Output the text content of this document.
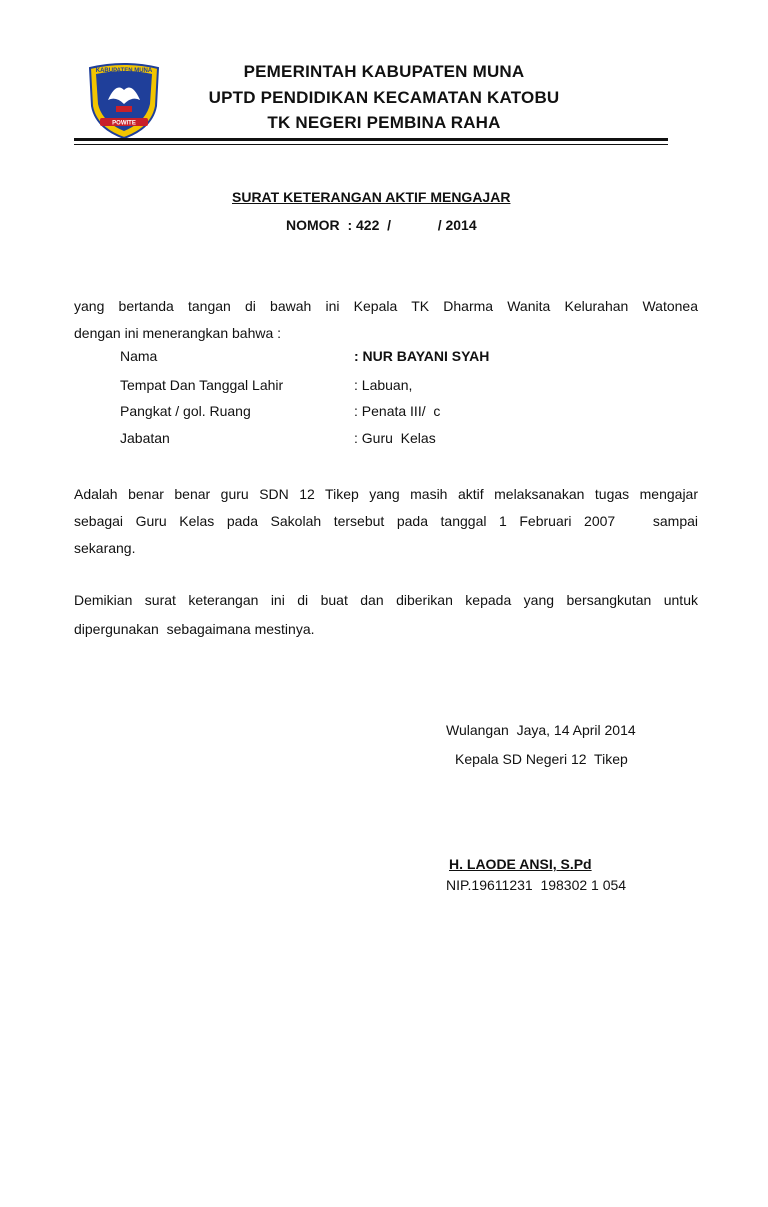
POWITE
KABUPATEN MUNA	PEMERINTAH KABUPATEN MUNA
UPTD PENDIDIKAN KECAMATAN KATOBU
TK NEGERI PEMBINA RAHA
SURAT KETERANGAN AKTIF MENGAJAR
NOMOR  : 422  /            / 2014
yang bertanda tangan di bawah ini Kepala TK Dharma Wanita Kelurahan Watonea
dengan ini menerangkan bahwa :
Nama	: NUR BAYANI SYAH
Tempat Dan Tanggal Lahir	: Labuan,
Pangkat / gol. Ruang	: Penata III/  c
Jabatan	: Guru  Kelas
Adalah benar benar guru SDN 12 Tikep yang masih aktif melaksanakan tugas mengajar
sebagai Guru Kelas pada Sakolah tersebut pada tanggal 1 Februari 2007   sampai
sekarang.
Demikian surat keterangan ini di buat dan diberikan kepada yang bersangkutan untuk
dipergunakan  sebagaimana mestinya.
Wulangan  Jaya, 14 April 2014
Kepala SD Negeri 12  Tikep
H. LAODE ANSI, S.Pd
NIP.19611231  198302 1 054
